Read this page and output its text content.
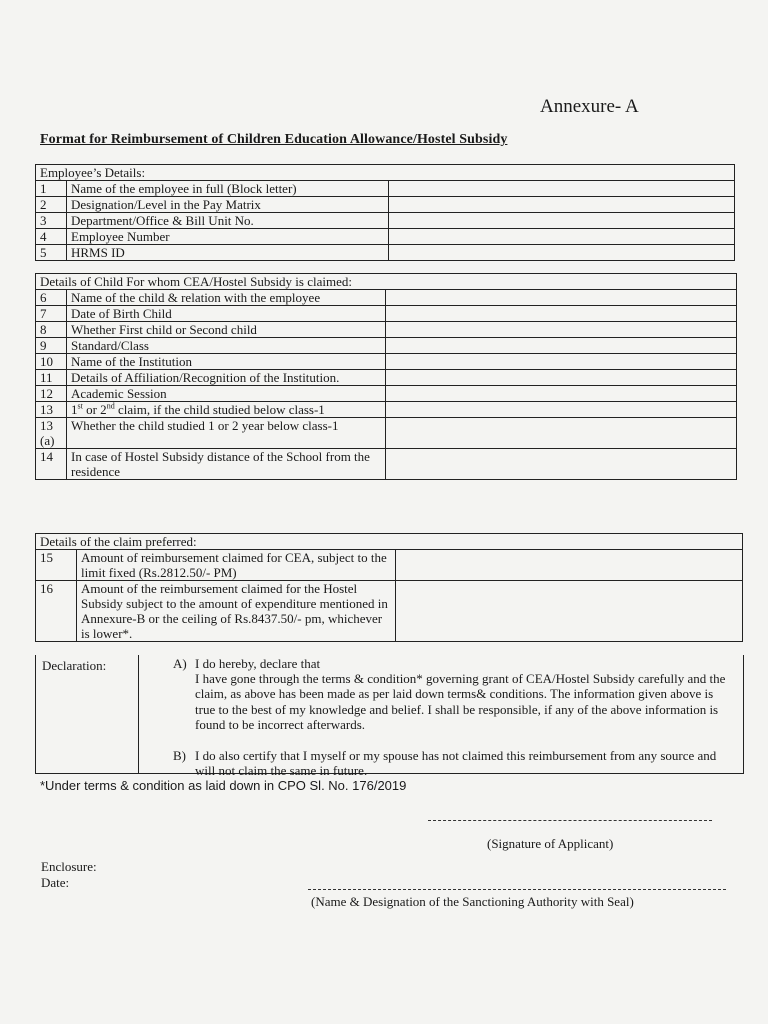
Annexure- A
Format for Reimbursement of Children Education Allowance/Hostel Subsidy
Employee’s Details:		
1	Name of the employee in full (Block letter)	
2	Designation/Level in the Pay Matrix	
3	Department/Office & Bill Unit No.	
4	Employee Number	
5	HRMS ID	
Details of Child For whom CEA/Hostel Subsidy is claimed:		
6	Name of the child & relation with the employee	
7	Date of Birth Child	
8	Whether First child or Second child	
9	Standard/Class	
10	Name of the Institution	
11	Details of Affiliation/Recognition of the Institution.	
12	Academic Session	
13	1st or 2nd claim, if the child studied below class-1	
13 (a)	Whether the child studied 1 or 2 year below class-1	
14	In case of Hostel Subsidy distance of the School from the residence	
Details of the claim preferred:		
15	Amount of reimbursement claimed for CEA, subject to the limit fixed (Rs.2812.50/- PM)	
16	Amount of the reimbursement claimed for the Hostel Subsidy subject to the amount of expenditure mentioned in Annexure-B or the ceiling of Rs.8437.50/- pm, whichever is lower*.	
Declaration:	A) I do hereby, declare that
I have gone through the terms & condition* governing grant of CEA/Hostel Subsidy carefully and the claim, as above has been made as per laid down terms& conditions. The information given above is true to the best of my knowledge and belief. I shall be responsible, if any of the above information is found to be incorrect afterwards.
B) I do also certify that I myself or my spouse has not claimed this reimbursement from any source and will not claim the same in future.
*Under terms & condition as laid down in CPO Sl. No. 176/2019
(Signature of Applicant)
Enclosure:
Date:
(Name & Designation of the Sanctioning Authority with Seal)
